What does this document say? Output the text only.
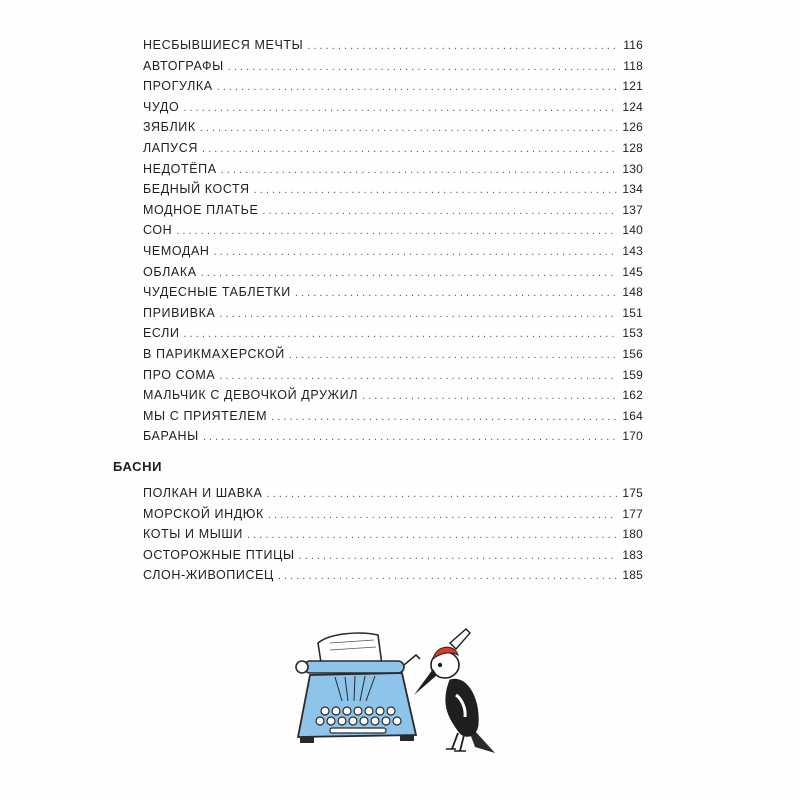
НЕСБЫВШИЕСЯ МЕЧТЫ . . .	116
АВТОГРАФЫ . . .	118
ПРОГУЛКА . . .	121
ЧУДО . . .	124
ЗЯБЛИК . . .	126
ЛАПУСЯ . . .	128
НЕДОТЁПА . . .	130
БЕДНЫЙ КОСТЯ . . .	134
МОДНОЕ ПЛАТЬЕ . . .	137
СОН . . .	140
ЧЕМОДАН . . .	143
ОБЛАКА . . .	145
ЧУДЕСНЫЕ ТАБЛЕТКИ . . .	148
ПРИВИВКА . . .	151
ЕСЛИ . . .	153
В ПАРИКМАХЕРСКОЙ . . .	156
ПРО СОМА . . .	159
МАЛЬЧИК С ДЕВОЧКОЙ ДРУЖИЛ . . .	162
МЫ С ПРИЯТЕЛЕМ . . .	164
БАРАНЫ . . .	170
БАСНИ
ПОЛКАН И ШАВКА . . .	175
МОРСКОЙ ИНДЮК . . .	177
КОТЫ И МЫШИ . . .	180
ОСТОРОЖНЫЕ ПТИЦЫ . . .	183
СЛОН-ЖИВОПИСЕЦ . . .	185
